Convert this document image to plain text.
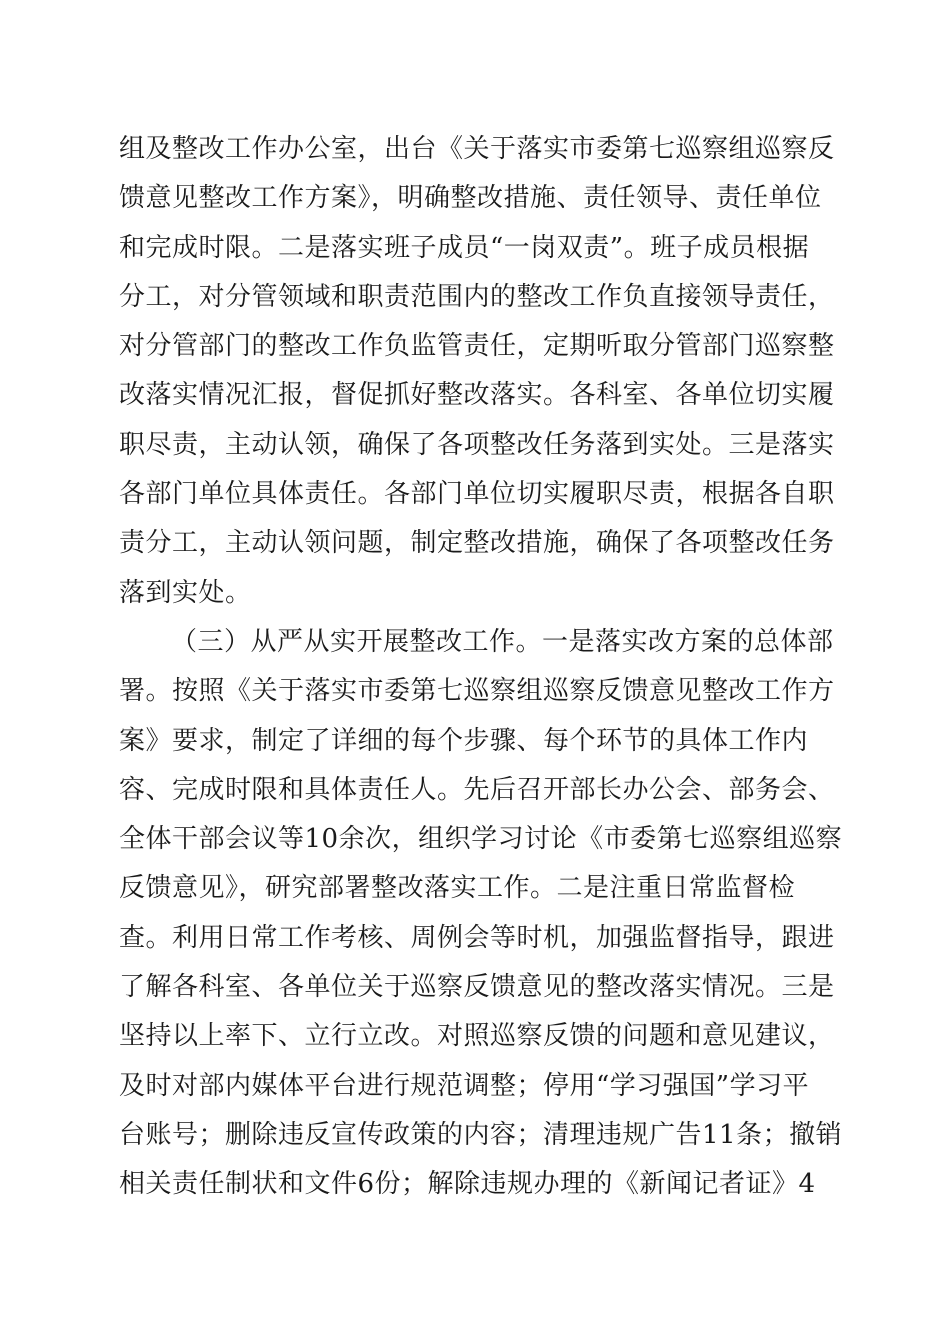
组及整改工作办公室，出台《关于落实市委第七巡察组巡察反
馈意见整改工作方案》，明确整改措施、责任领导、责任单位
和完成时限。二是落实班子成员“一岗双责”。班子成员根据
分工，对分管领域和职责范围内的整改工作负直接领导责任，
对分管部门的整改工作负监管责任，定期听取分管部门巡察整
改落实情况汇报，督促抓好整改落实。各科室、各单位切实履
职尽责，主动认领，确保了各项整改任务落到实处。三是落实
各部门单位具体责任。各部门单位切实履职尽责，根据各自职
责分工，主动认领问题，制定整改措施，确保了各项整改任务
落到实处。
（三）从严从实开展整改工作。一是落实改方案的总体部
署。按照《关于落实市委第七巡察组巡察反馈意见整改工作方
案》要求，制定了详细的每个步骤、每个环节的具体工作内
容、完成时限和具体责任人。先后召开部长办公会、部务会、
全体干部会议等10余次，组织学习讨论《市委第七巡察组巡察
反馈意见》，研究部署整改落实工作。二是注重日常监督检
查。利用日常工作考核、周例会等时机，加强监督指导，跟进
了解各科室、各单位关于巡察反馈意见的整改落实情况。三是
坚持以上率下、立行立改。对照巡察反馈的问题和意见建议，
及时对部内媒体平台进行规范调整；停用“学习强国”学习平
台账号；删除违反宣传政策的内容；清理违规广告11条；撤销
相关责任制状和文件6份；解除违规办理的《新闻记者证》4
